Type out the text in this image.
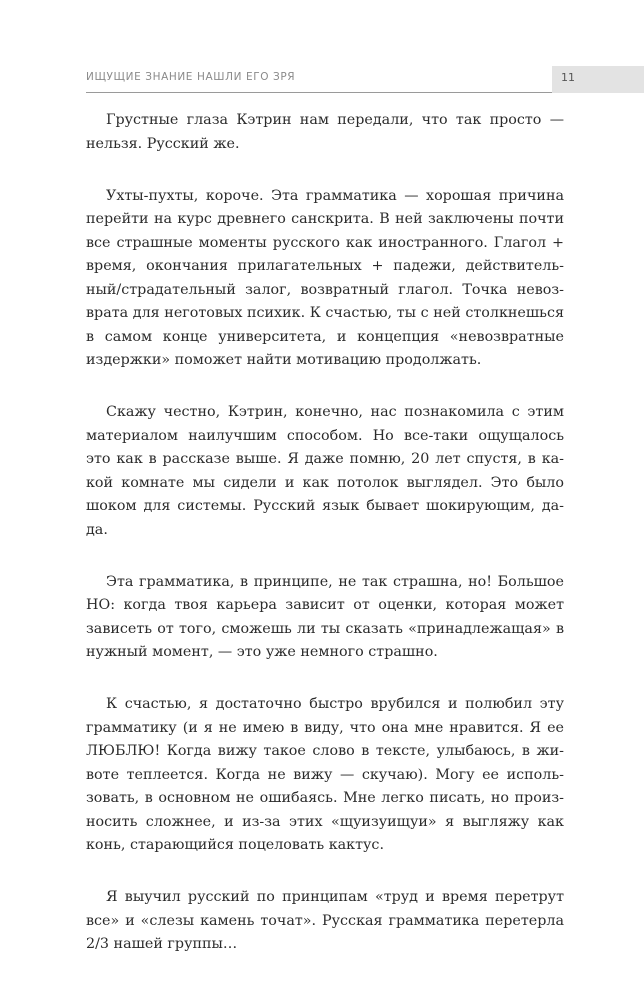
ИЩУЩИЕ ЗНАНИЕ НАШЛИ ЕГО ЗРЯ	11

Грустные глаза Кэтрин нам передали, что так просто — нельзя. Русский же.

Ухты-пухты, короче. Эта грамматика — хорошая причина перейти на курс древнего санскрита. В ней заключены почти все страшные моменты русского как иностранного. Глагол + время, окончания прилагательных + падежи, действительный/страдательный залог, возвратный глагол. Точка невозврата для неготовых психик. К счастью, ты с ней столкнешься в самом конце университета, и концепция «невозвратные издержки» поможет найти мотивацию продолжать.

Скажу честно, Кэтрин, конечно, нас познакомила с этим материалом наилучшим способом. Но все-таки ощущалось это как в рассказе выше. Я даже помню, 20 лет спустя, в какой комнате мы сидели и как потолок выглядел. Это было шоком для системы. Русский язык бывает шокирующим, да-да.

Эта грамматика, в принципе, не так страшна, но! Большое НО: когда твоя карьера зависит от оценки, которая может зависеть от того, сможешь ли ты сказать «принадлежащая» в нужный момент, — это уже немного страшно.

К счастью, я достаточно быстро врубился и полюбил эту грамматику (и я не имею в виду, что она мне нравится. Я ее ЛЮБЛЮ! Когда вижу такое слово в тексте, улыбаюсь, в животе теплеется. Когда не вижу — скучаю). Могу ее использовать, в основном не ошибаясь. Мне легко писать, но произносить сложнее, и из-за этих «щуизуищуи» я выгляжу как конь, старающийся поцеловать кактус.

Я выучил русский по принципам «труд и время перетрут все» и «слезы камень точат». Русская грамматика перетерла 2/3 нашей группы…
